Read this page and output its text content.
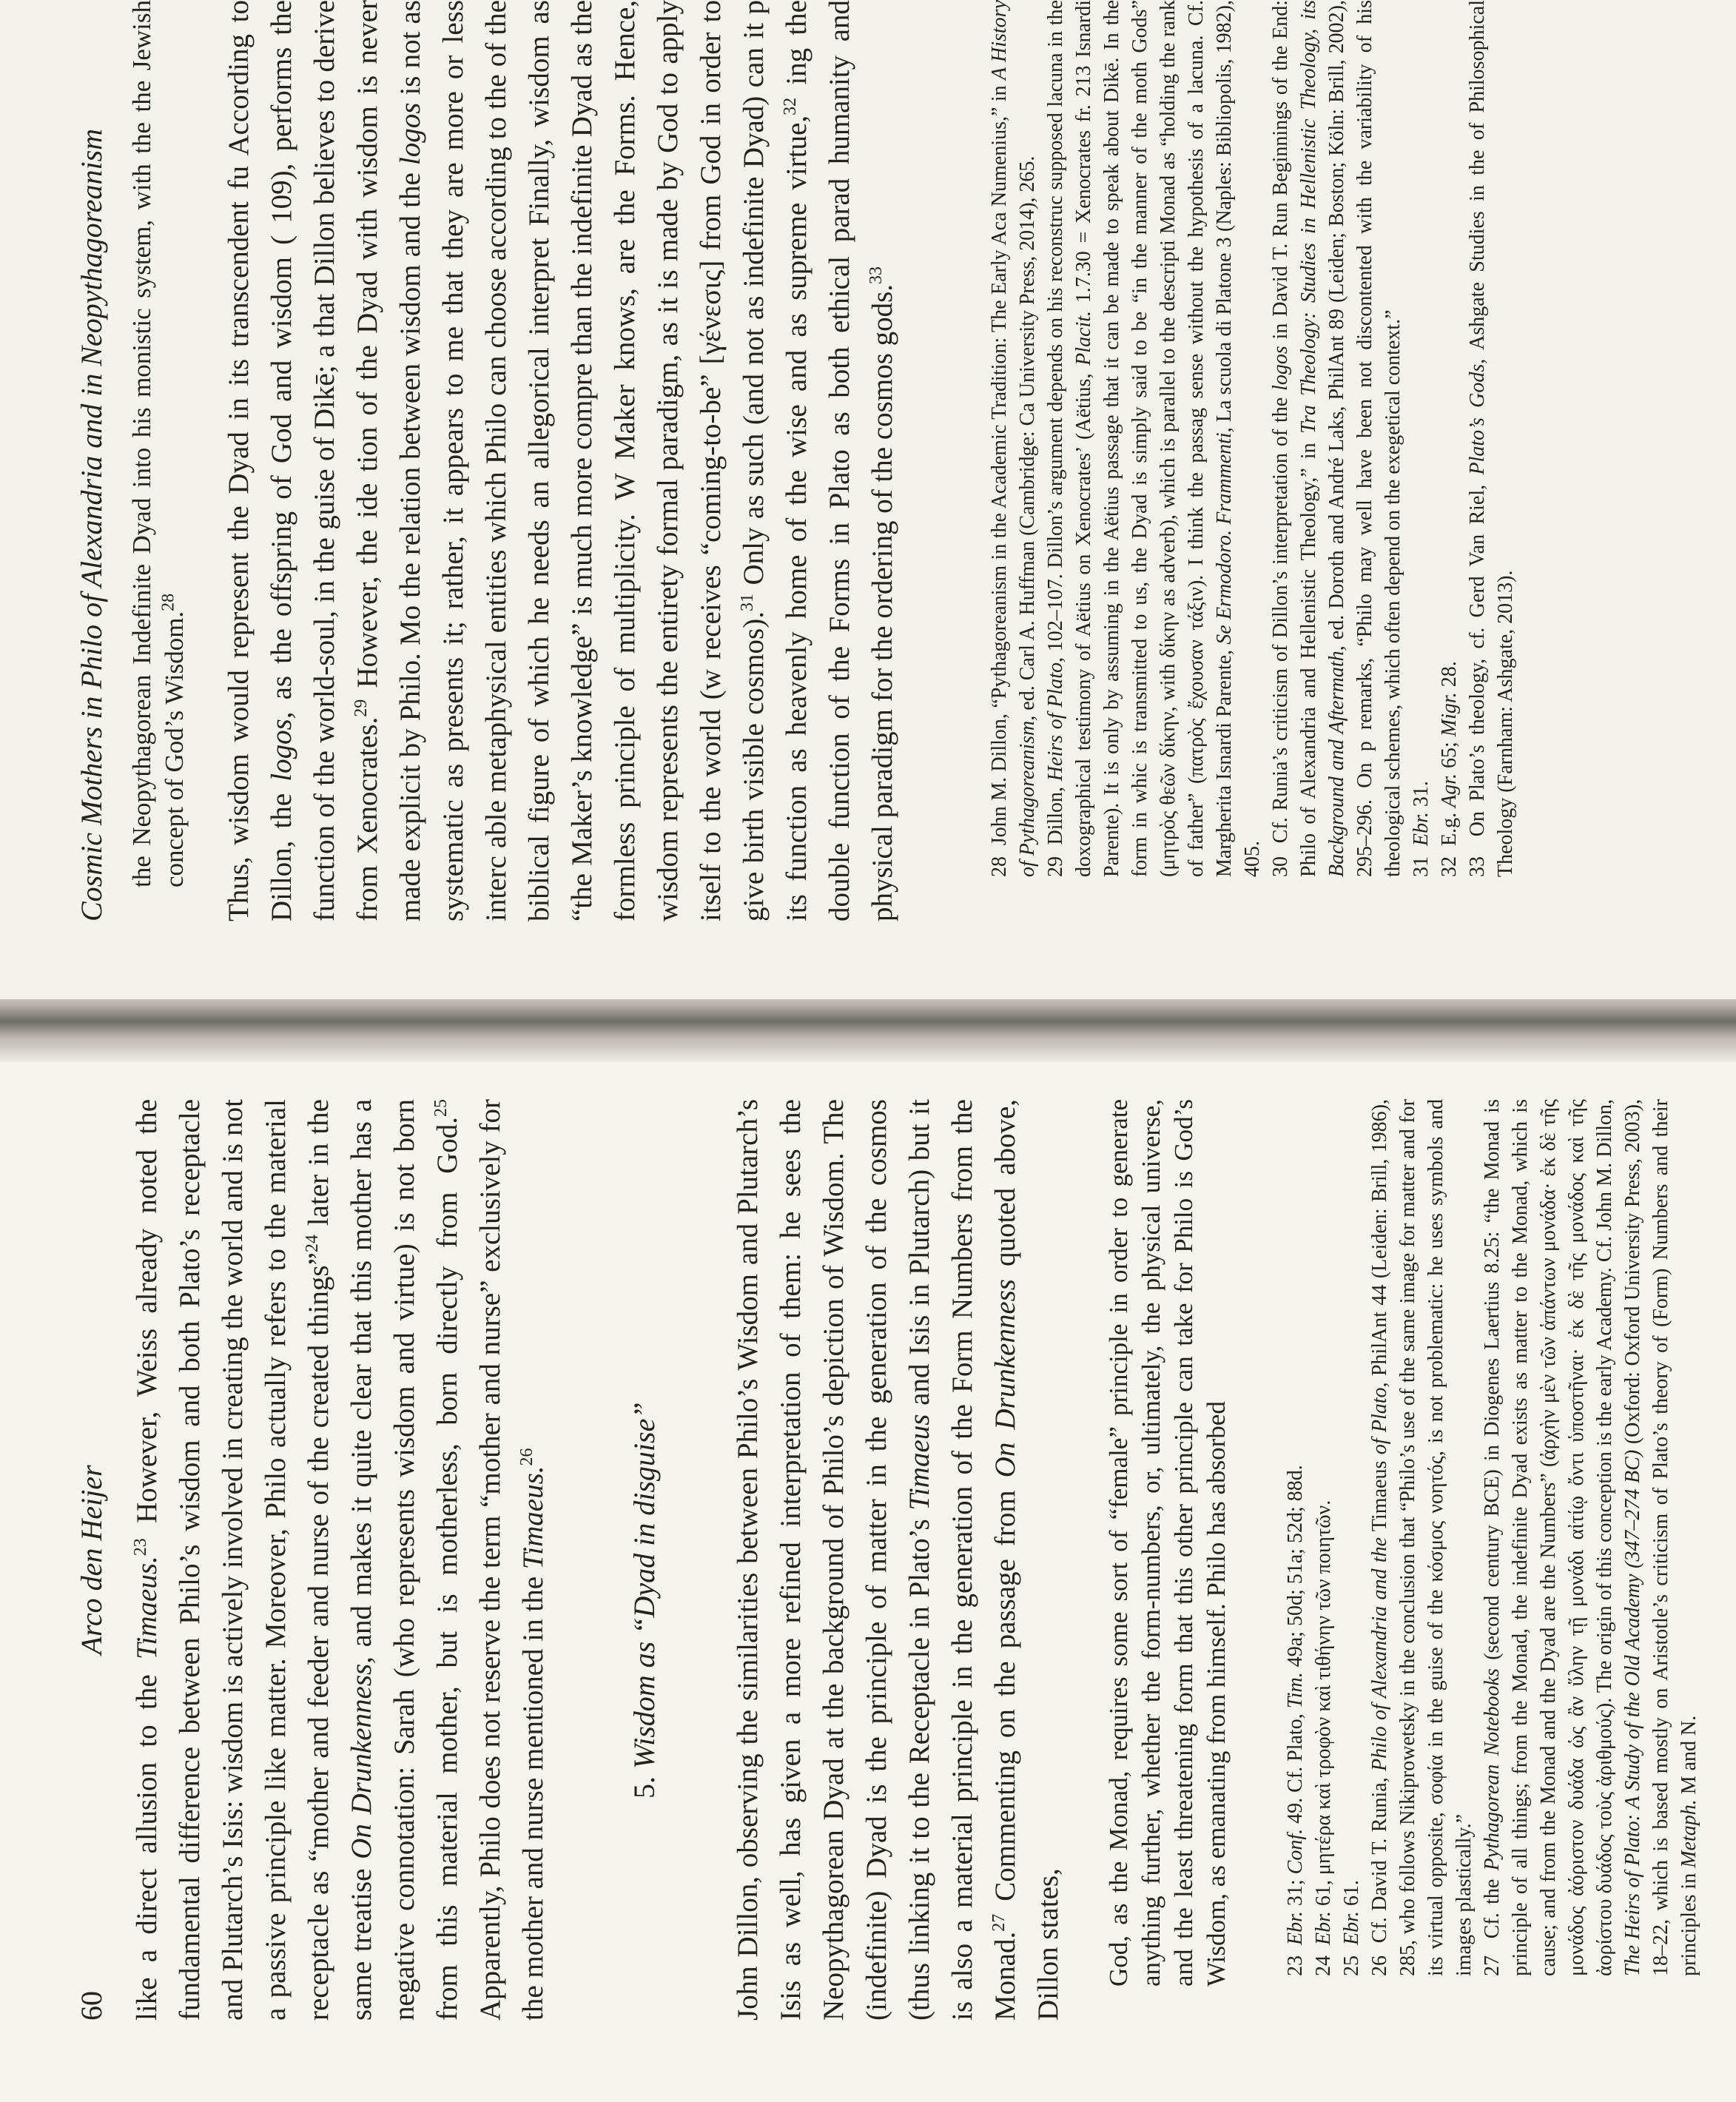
60
Arco den Heijer

like a direct allusion to the Timaeus.$^{23}$ However, Weiss already noted the fundamental difference between Philo’s wisdom and both Plato’s receptacle and Plutarch’s Isis: wisdom is actively involved in creating the world and is not a passive principle like matter. Moreover, Philo actually refers to the material receptacle as “mother and feeder and nurse of the created things”$^{24}$ later in the same treatise On Drunkenness, and makes it quite clear that this mother has a negative connotation: Sarah (who represents wisdom and virtue) is not born from this material mother, but is motherless, born directly from God.$^{25}$ Apparently, Philo does not reserve the term “mother and nurse” exclusively for the mother and nurse mentioned in the Timaeus.$^{26}$

5. Wisdom as “Dyad in disguise” John Dillon, observing the similarities between Philo’s Wisdom and Plutarch’s Isis as well, has given a more refined interpretation of them: he sees the Neopythagorean Dyad at the background of Philo’s depiction of Wisdom. The (indefinite) Dyad is the principle of matter in the generation of the cosmos (thus linking it to the Receptacle in Plato’s Timaeus and Isis in Plutarch) but it is also a material principle in the generation of the Form Numbers from the Monad.$^{27}$ Commenting on the passage from On Drunkenness quoted above, Dillon states, God, as the Monad, requires some sort of “female” principle in order to generate anything further, whether the form-numbers, or, ultimately, the physical universe, and the least threatening form that this other principle can take for Philo is God’s Wisdom, as emanating from himself. Philo has absorbed	23  Ebr. 31; Conf. 49. Cf. Plato, Tim. 49a; 50d; 51a; 52d; 88d.

24  Ebr. 61, μητέρα καὶ τροφὸν καὶ τιθήνην τῶν ποιητῶν.

25  Ebr. 61.

26  Cf. David T. Runia, Philo of Alexandria and the Timaeus of Plato, PhilAnt 44 (Leiden: Brill, 1986), 285, who follows Nikiprowetsky in the conclusion that “Philo’s use of the same image for matter and for its virtual opposite, σοφία in the guise of the κόσμος νοητός, is not problematic: he uses symbols and images plastically.” 27  Cf. the Pythagorean Notebooks (second century BCE) in Diogenes Laertius 8.25: “the Monad is principle of all things; from the Monad, the indefinite Dyad exists as matter to the Monad, which is cause; and from the Monad and the Dyad are the Numbers” (ἀρχὴν μὲν τῶν ἁπάντων μονάδα· ἐκ δὲ τῆς μονάδος ἀόριστον δυάδα ὡς ἂν ὕλην τῇ μονάδι αἰτίῳ ὄντι ὑποστῆναι· ἐκ δὲ τῆς μονάδος καὶ τῆς ἀορίστου δυάδος τοὺς ἀριθμούς). The origin of this conception is the early Academy. Cf. John M. Dillon, The Heirs of Plato: A Study of the Old Academy (347–274 BC) (Oxford: Oxford University Press, 2003), 18–22, which is based mostly on Aristotle’s criticism of Plato’s theory of (Form) Numbers and their principles in Metaph. M and N.

Cosmic Mothers in Philo of Alexandria and in Neopythagoreanism the Neopythagorean Indefinite Dyad into his monistic system, with the the Jewish concept of God’s Wisdom.$^{28}$	Thus, wisdom would represent the Dyad in its transcendent fu According to Dillon, the logos, as the offspring of God and wisdom ( 109), performs the function of the world-soul, in the guise of Dikē; a that Dillon believes to derive from Xenocrates.$^{29}$ However, the ide tion of the Dyad with wisdom is never made explicit by Philo. Mo the relation between wisdom and the logos is not as systematic as presents it; rather, it appears to me that they are more or less interc able metaphysical entities which Philo can choose according to the of the biblical figure of which he needs an allegorical interpret Finally, wisdom as “the Maker’s knowledge” is much more compre than the indefinite Dyad as the formless principle of multiplicity. W Maker knows, are the Forms. Hence, wisdom represents the entirety formal paradigm, as it is made by God to apply itself to the world (w receives “coming-to-be” [γένεσις] from God in order to give birth visible cosmos).$^{31}$ Only as such (and not as indefinite Dyad) can it p its function as heavenly home of the wise and as supreme virtue,$^{32}$ ing the double function of the Forms in Plato as both ethical parad humanity and physical paradigm for the ordering of the cosmos gods.$^{33}$

28  John M. Dillon, “Pythagoreanism in the Academic Tradition: The Early Aca Numenius,” in A History of Pythagoreanism, ed. Carl A. Huffman (Cambridge: Ca University Press, 2014), 265.

29  Dillon, Heirs of Plato, 102–107. Dillon’s argument depends on his reconstruc supposed lacuna in the doxographical testimony of Aëtius on Xenocrates’ (Aëtius, Placit. 1.7.30 = Xenocrates fr. 213 Isnardi Parente). It is only by assuming in the Aëtius passage that it can be made to speak about Dikē. In the form in whic is transmitted to us, the Dyad is simply said to be “in the manner of the moth Gods” (μητρὸς θεῶν δίκην, with δίκην as adverb), which is parallel to the descripti Monad as “holding the rank of father” (πατρὸς ἔχουσαν τάξιν). I think the passag sense without the hypothesis of a lacuna. Cf. Margherita Isnardi Parente, Se Ermodoro. Frammenti, La scuola di Platone 3 (Naples: Bibliopolis, 1982), 405. 30  Cf. Runia’s criticism of Dillon’s interpretation of the logos in David T. Run Beginnings of the End: Philo of Alexandria and Hellenistic Theology,” in Tra Theology: Studies in Hellenistic Theology, its Background and Aftermath, ed. Doroth and André Laks, PhilAnt 89 (Leiden; Boston; Köln: Brill, 2002), 295–296. On p remarks, “Philo may well have been not discontented with the variability of his theological schemes, which often depend on the exegetical context.” 31  Ebr. 31.

32  E.g. Agr. 65; Migr. 28.

33  On Plato’s theology, cf. Gerd Van Riel, Plato’s Gods, Ashgate Studies in the of Philosophical Theology (Farnham: Ashgate, 2013).
